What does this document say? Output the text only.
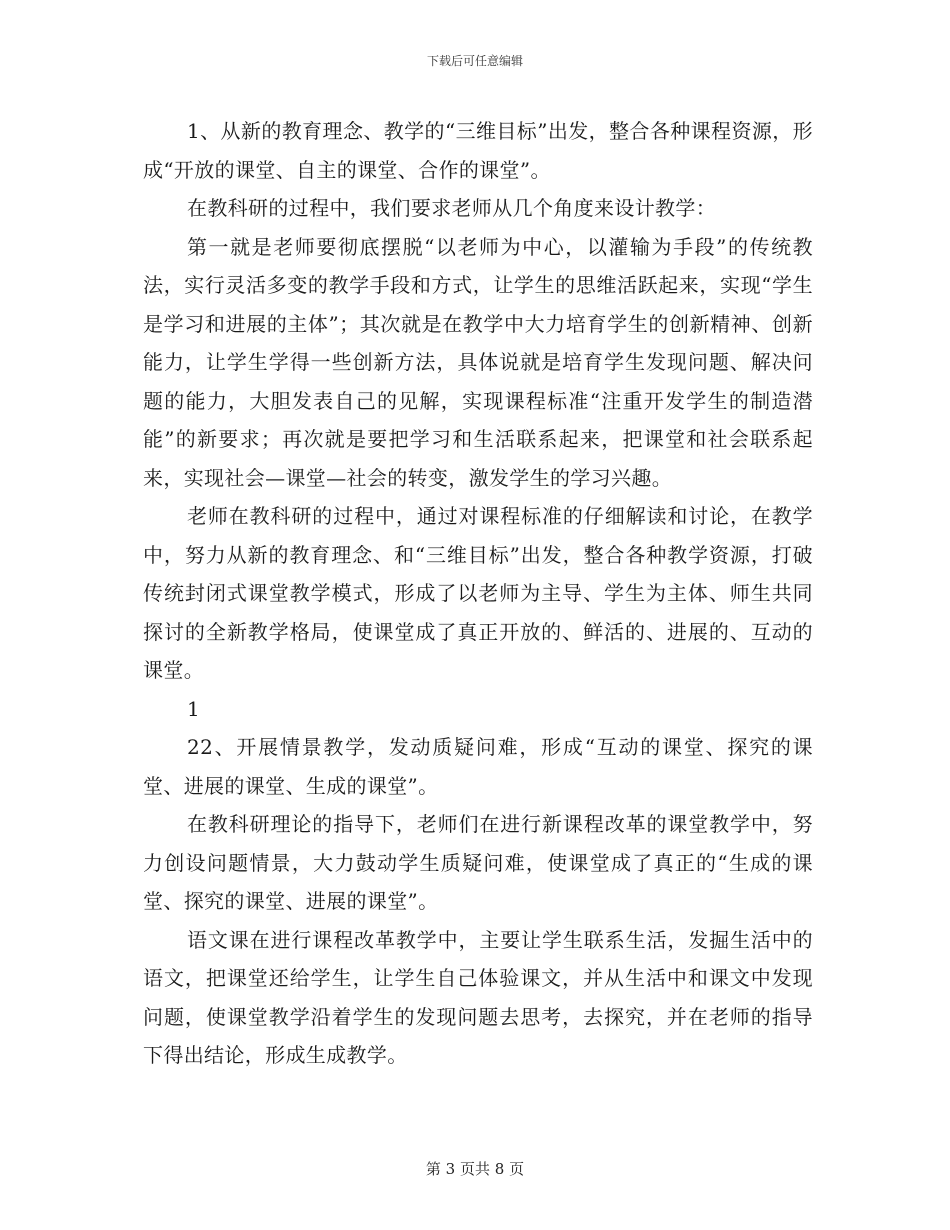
下载后可任意编辑

1、从新的教育理念、教学的“三维目标”出发，整合各种课程资源，形成“开放的课堂、自主的课堂、合作的课堂”。

在教科研的过程中，我们要求老师从几个角度来设计教学：

第一就是老师要彻底摆脱“以老师为中心，以灌输为手段”的传统教法，实行灵活多变的教学手段和方式，让学生的思维活跃起来，实现“学生是学习和进展的主体”；其次就是在教学中大力培育学生的创新精神、创新能力，让学生学得一些创新方法，具体说就是培育学生发现问题、解决问题的能力，大胆发表自己的见解，实现课程标准“注重开发学生的制造潜能”的新要求；再次就是要把学习和生活联系起来，把课堂和社会联系起来，实现社会—课堂—社会的转变，激发学生的学习兴趣。

老师在教科研的过程中，通过对课程标准的仔细解读和讨论，在教学中，努力从新的教育理念、和“三维目标”出发，整合各种教学资源，打破传统封闭式课堂教学模式，形成了以老师为主导、学生为主体、师生共同探讨的全新教学格局，使课堂成了真正开放的、鲜活的、进展的、互动的课堂。

1

22、开展情景教学，发动质疑问难，形成“互动的课堂、探究的课堂、进展的课堂、生成的课堂”。

在教科研理论的指导下，老师们在进行新课程改革的课堂教学中，努力创设问题情景，大力鼓动学生质疑问难，使课堂成了真正的“生成的课堂、探究的课堂、进展的课堂”。

语文课在进行课程改革教学中，主要让学生联系生活，发掘生活中的语文，把课堂还给学生，让学生自己体验课文，并从生活中和课文中发现问题，使课堂教学沿着学生的发现问题去思考，去探究，并在老师的指导下得出结论，形成生成教学。

第 3 页共 8 页
